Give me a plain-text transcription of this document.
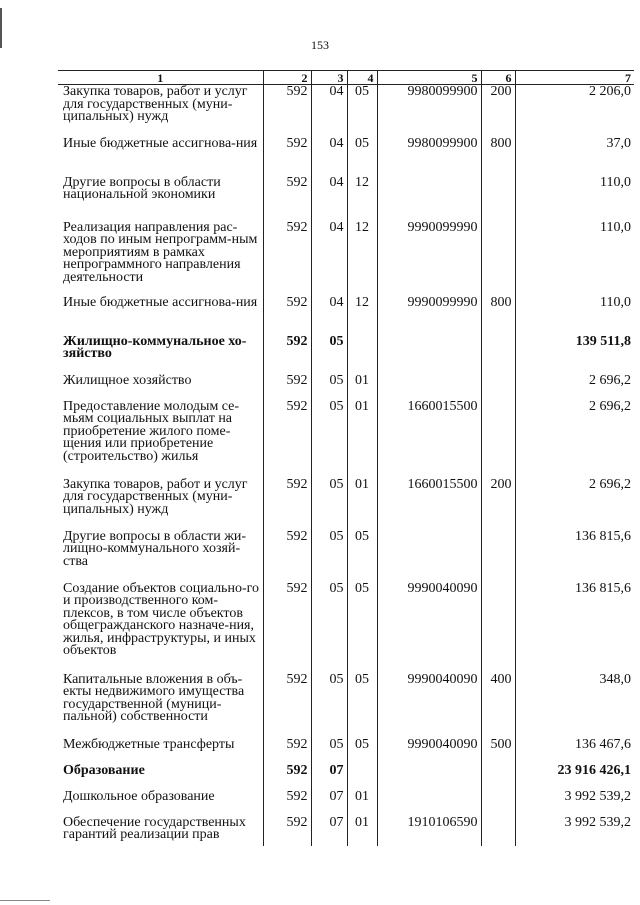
153
1	2	3	4	5	6	7
Закупка товаров, работ и услуг для государственных (муни-ципальных) нужд	592	04	05	9980099900	200	2 206,0
Иные бюджетные ассигнова-ния	592	04	05	9980099900	800	37,0
Другие вопросы в области национальной экономики	592	04	12			110,0
Реализация направления рас-ходов по иным непрограмм-ным мероприятиям в рамках непрограммного направления деятельности	592	04	12	9990099990		110,0
Иные бюджетные ассигнова-ния	592	04	12	9990099990	800	110,0
Жилищно-коммунальное хо-зяйство	592	05				139 511,8
Жилищное хозяйство	592	05	01			2 696,2
Предоставление молодым се-мьям социальных выплат на приобретение жилого поме-щения или приобретение (строительство) жилья	592	05	01	1660015500		2 696,2
Закупка товаров, работ и услуг для государственных (муни-ципальных) нужд	592	05	01	1660015500	200	2 696,2
Другие вопросы в области жи-лищно-коммунального хозяй-ства	592	05	05			136 815,6
Создание объектов социально-го и производственного ком-плексов, в том числе объектов общегражданского назначе-ния, жилья, инфраструктуры, и иных объектов	592	05	05	9990040090		136 815,6
Капитальные вложения в объ-екты недвижимого имущества государственной (муници-пальной) собственности	592	05	05	9990040090	400	348,0
Межбюджетные трансферты	592	05	05	9990040090	500	136 467,6
Образование	592	07				23 916 426,1
Дошкольное образование	592	07	01			3 992 539,2
Обеспечение государственных гарантий реализации прав	592	07	01	1910106590		3 992 539,2
